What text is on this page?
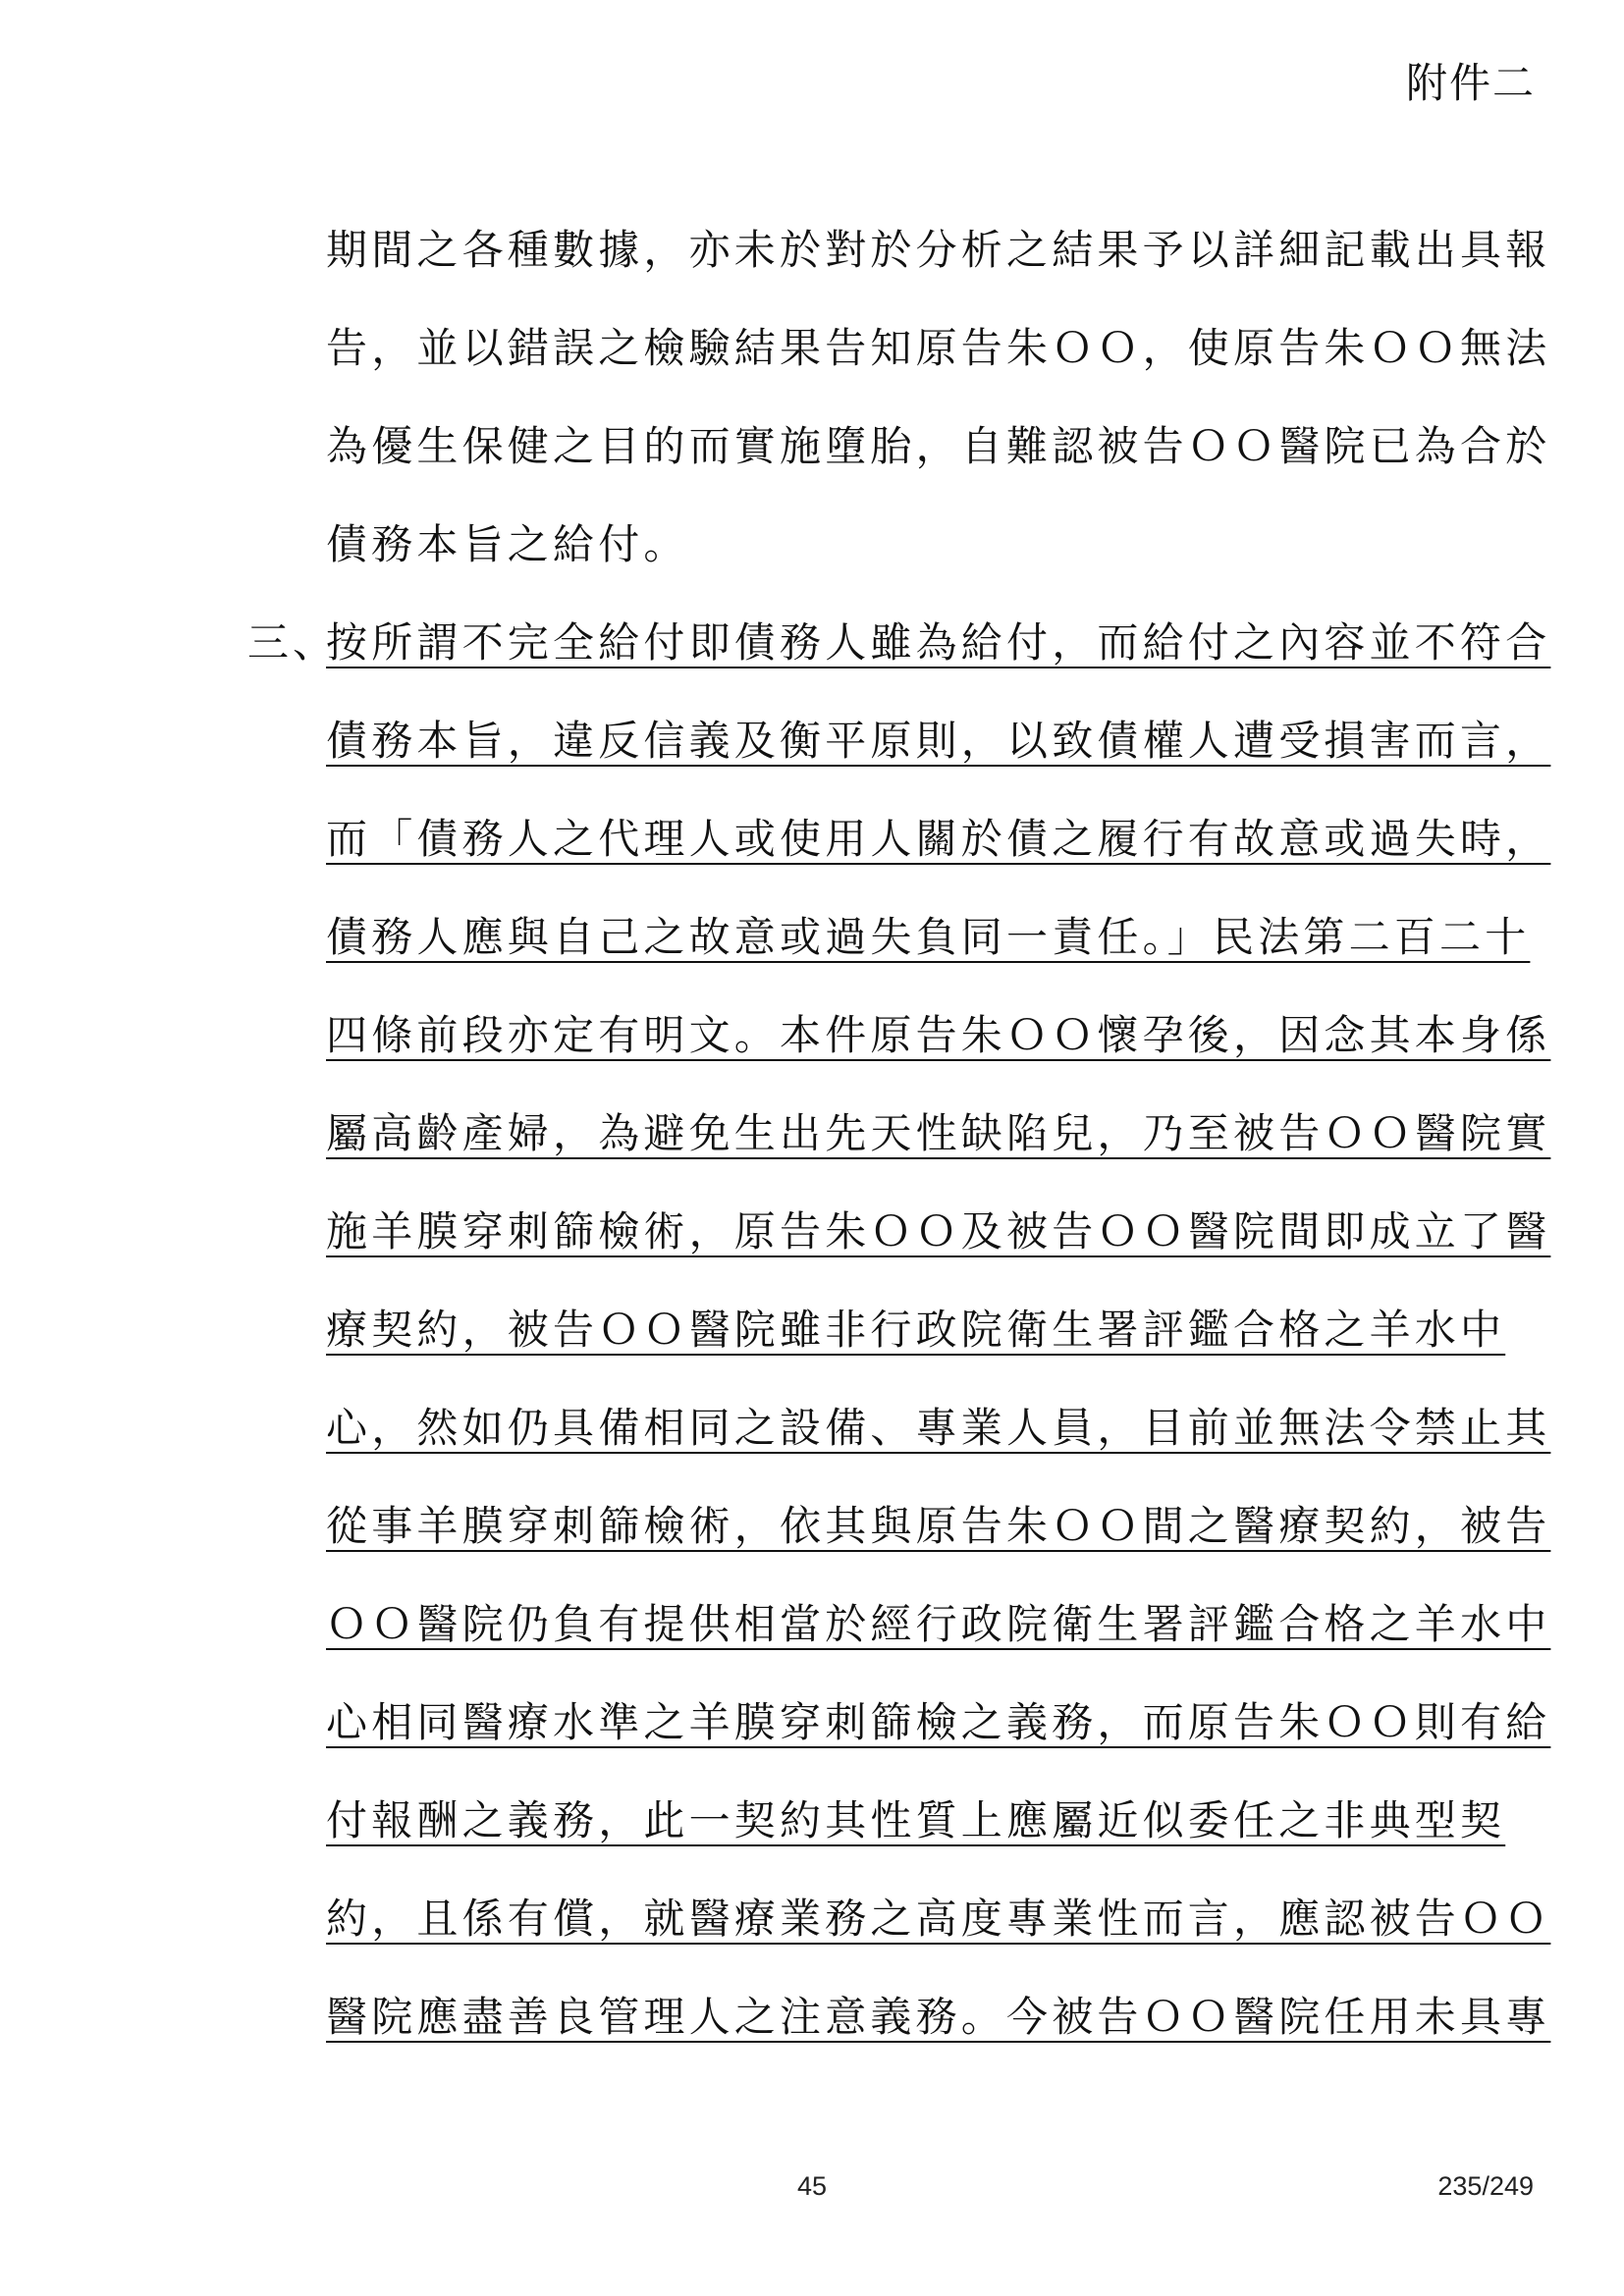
附件二
期間之各種數據，亦未於對於分析之結果予以詳細記載出具報
告，並以錯誤之檢驗結果告知原告朱ＯＯ，使原告朱ＯＯ無法
為優生保健之目的而實施墮胎，自難認被告ＯＯ醫院已為合於
債務本旨之給付。
三、
按所謂不完全給付即債務人雖為給付，而給付之內容並不符合
債務本旨，違反信義及衡平原則，以致債權人遭受損害而言，
而「債務人之代理人或使用人關於債之履行有故意或過失時，
債務人應與自己之故意或過失負同一責任。」民法第二百二十
四條前段亦定有明文。本件原告朱ＯＯ懷孕後，因念其本身係
屬高齡產婦，為避免生出先天性缺陷兒，乃至被告ＯＯ醫院實
施羊膜穿刺篩檢術，原告朱ＯＯ及被告ＯＯ醫院間即成立了醫
療契約，被告ＯＯ醫院雖非行政院衛生署評鑑合格之羊水中
心，然如仍具備相同之設備、專業人員，目前並無法令禁止其
從事羊膜穿刺篩檢術，依其與原告朱ＯＯ間之醫療契約，被告
ＯＯ醫院仍負有提供相當於經行政院衛生署評鑑合格之羊水中
心相同醫療水準之羊膜穿刺篩檢之義務，而原告朱ＯＯ則有給
付報酬之義務，此一契約其性質上應屬近似委任之非典型契
約，且係有償，就醫療業務之高度專業性而言，應認被告ＯＯ
醫院應盡善良管理人之注意義務。今被告ＯＯ醫院任用未具專
45	235/249
